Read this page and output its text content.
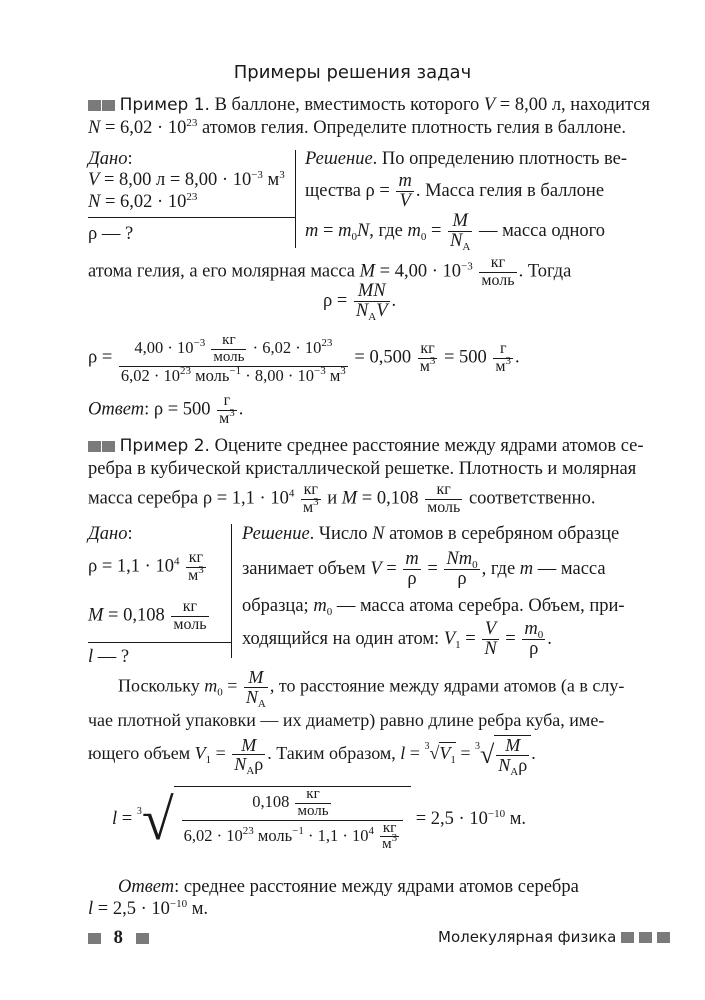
Примеры решения задач
Пример 1. В баллоне, вместимость которого V = 8,00 л, находится
$N = 6,02 \cdot 10^{23}$ атомов гелия. Определите плотность гелия в баллоне.
Дано:
V = 8,00 $л = 8,00 \cdot 10^{-3}$ $м^3$
$N = 6,02 \cdot 10^{23}$
ρ — ?
Решение. По определению плотность ве-
щества $\rho = \frac{m}{V}$ . Масса гелия в баллоне
$m = m_0N$, где $m_0 = \frac{M}{N_A}$ — масса одного
атома гелия, а его молярная масса $M = 4,00 \cdot 10^{-3} \frac{кг}{\text{моль}}$ . Тогда
$\rho = \frac{MN}{N_AV}$ .
$\rho = \frac{4,00 \cdot 10^{-3} \frac{кг}{\text{моль}} \cdot 6,02 \cdot 10^{23}}{6,02 \cdot 10^{23} моль^{-1} \cdot 8,00 \cdot 10^{-3} м^3} = 0,500 \frac{кг}{м^3} = 500 \frac{г}{м^3}$ .
Ответ: $\rho = 500 \frac{г}{м^3}$ .
Пример 2. Оцените среднее расстояние между ядрами атомов се-
ребра в кубической кристаллической решетке. Плотность и молярная
масса серебра $\rho = 1,1 \cdot 10^4 \frac{кг}{м^3}$ и $M = 0,108 \frac{кг}{\text{моль}}$ соответственно.
Дано:
$\rho = 1,1 \cdot 10^4 \frac{кг}{м^3}$
$M = 0,108 \frac{кг}{\text{моль}}$
l — ?
Решение. Число N атомов в серебряном образце
занимает объем $V = \frac{m}{\rho} = \frac{Nm_0}{\rho}$ , где m — масса
образца; $m_0$ — масса атома серебра. Объем, при-
ходящийся на один атом: $V_1 = \frac{V}{N} = \frac{m_0}{\rho}$ .
Поскольку $m_0 = \frac{M}{N_A}$ , то расстояние между ядрами атомов (а в слу-
чае плотной упаковки — их диаметр) равно длине ребра куба, име-
ющего объем $V_1 = \frac{M}{N_A\rho}$ . Таким образом, $l = ^3√V_1 = ^3√ \frac{M}{N_A\rho}$ .
$l = ^3√ \frac{0,108 \frac{кг}{\text{моль}}}{6,02 \cdot 10^{23} моль^{-1} \cdot 1,1 \cdot 10^4 \frac{кг}{м^3}} = 2,5 \cdot 10^{-10}$ м.
Ответ: среднее расстояние между ядрами атомов серебра
$l = 2,5 \cdot 10^{-10}$ м.
8	Молекулярная физика
